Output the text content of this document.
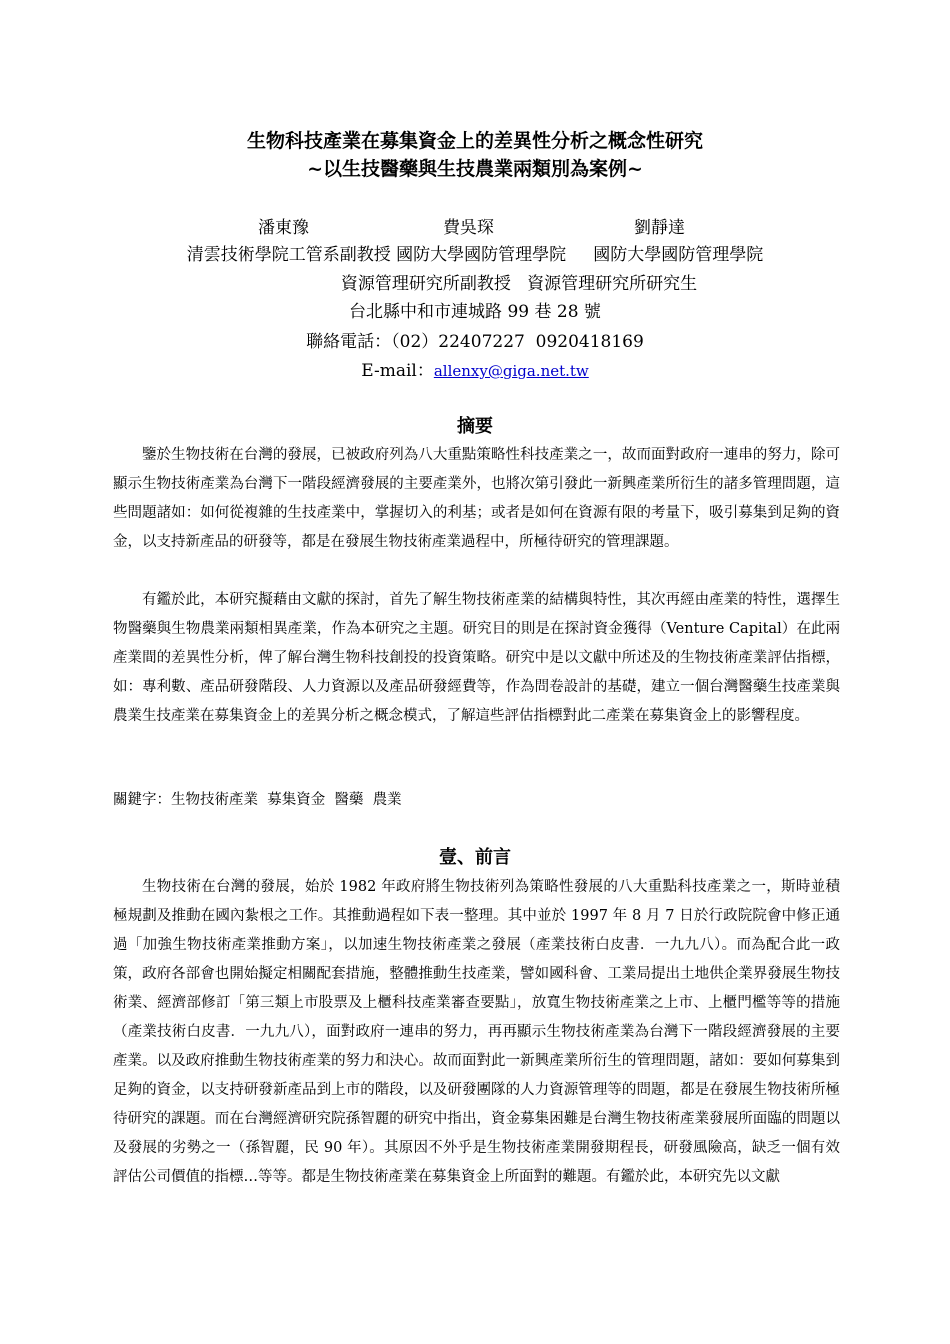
生物科技產業在募集資金上的差異性分析之概念性研究
~以生技醫藥與生技農業兩類別為案例~
潘東豫	費吳琛	劉靜達
清雲技術學院工管系副教授 國防大學國防管理學院     國防大學國防管理學院
資源管理研究所副教授   資源管理研究所研究生
台北縣中和市連城路 99 巷 28 號
聯絡電話：（02）22407227  0920418169
E-mail：allenxy@giga.net.tw
摘要

鑒於生物技術在台灣的發展，已被政府列為八大重點策略性科技產業之一，故而面對政府一連串的努力，除可顯示生物技術產業為台灣下一階段經濟發展的主要產業外，也將次第引發此一新興產業所衍生的諸多管理問題，這些問題諸如：如何從複雜的生技產業中，掌握切入的利基；或者是如何在資源有限的考量下，吸引募集到足夠的資金，以支持新產品的研發等，都是在發展生物技術產業過程中，所極待研究的管理課題。

有鑑於此，本研究擬藉由文獻的探討，首先了解生物技術產業的結構與特性，其次再經由產業的特性，選擇生物醫藥與生物農業兩類相異產業，作為本研究之主題。研究目的則是在探討資金獲得（Venture Capital）在此兩產業間的差異性分析，俾了解台灣生物科技創投的投資策略。研究中是以文獻中所述及的生物技術產業評估指標，如：專利數、產品研發階段、人力資源以及產品研發經費等，作為問卷設計的基礎，建立一個台灣醫藥生技產業與農業生技產業在募集資金上的差異分析之概念模式，了解這些評估指標對此二產業在募集資金上的影響程度。

關鍵字：生物技術產業  募集資金  醫藥  農業
壹、前言

生物技術在台灣的發展，始於 1982 年政府將生物技術列為策略性發展的八大重點科技產業之一，斯時並積極規劃及推動在國內紮根之工作。其推動過程如下表一整理。其中並於 1997 年 8 月 7 日於行政院院會中修正通過「加強生物技術產業推動方案」，以加速生物技術產業之發展（產業技術白皮書．一九九八）。而為配合此一政策，政府各部會也開始擬定相關配套措施，整體推動生技產業，譬如國科會、工業局提出土地供企業界發展生物技術業、經濟部修訂「第三類上市股票及上櫃科技產業審查要點」，放寬生物技術產業之上市、上櫃門檻等等的措施（產業技術白皮書．一九九八），面對政府一連串的努力，再再顯示生物技術產業為台灣下一階段經濟發展的主要產業。以及政府推動生物技術產業的努力和決心。故而面對此一新興產業所衍生的管理問題，諸如：要如何募集到足夠的資金，以支持研發新產品到上市的階段，以及研發團隊的人力資源管理等的問題，都是在發展生物技術所極待研究的課題。而在台灣經濟研究院孫智麗的研究中指出，資金募集困難是台灣生物技術產業發展所面臨的問題以及發展的劣勢之一（孫智麗，民 90 年）。其原因不外乎是生物技術產業開發期程長，研發風險高，缺乏一個有效評估公司價值的指標…等等。都是生物技術產業在募集資金上所面對的難題。有鑑於此，本研究先以文獻
